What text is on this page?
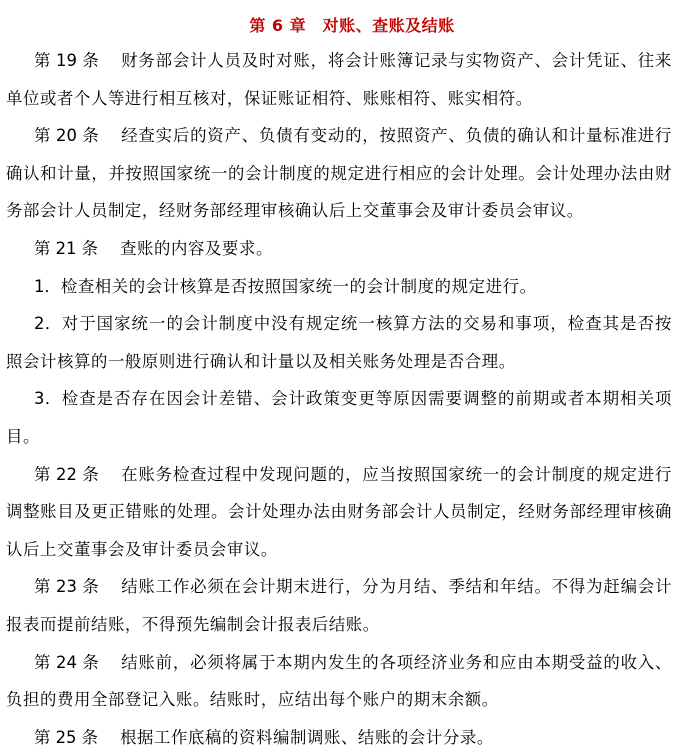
第 6 章　对账、查账及结账

第 19 条 财务部会计人员及时对账，将会计账簿记录与实物资产、会计凭证、往来单位或者个人等进行相互核对，保证账证相符、账账相符、账实相符。

第 20 条 经查实后的资产、负债有变动的，按照资产、负债的确认和计量标准进行确认和计量，并按照国家统一的会计制度的规定进行相应的会计处理。会计处理办法由财务部会计人员制定，经财务部经理审核确认后上交董事会及审计委员会审议。

第 21 条 查账的内容及要求。

1．检查相关的会计核算是否按照国家统一的会计制度的规定进行。

2．对于国家统一的会计制度中没有规定统一核算方法的交易和事项，检查其是否按照会计核算的一般原则进行确认和计量以及相关账务处理是否合理。

3．检查是否存在因会计差错、会计政策变更等原因需要调整的前期或者本期相关项目。

第 22 条 在账务检查过程中发现问题的，应当按照国家统一的会计制度的规定进行调整账目及更正错账的处理。会计处理办法由财务部会计人员制定，经财务部经理审核确认后上交董事会及审计委员会审议。

第 23 条 结账工作必须在会计期末进行，分为月结、季结和年结。不得为赶编会计报表而提前结账，不得预先编制会计报表后结账。

第 24 条 结账前，必须将属于本期内发生的各项经济业务和应由本期受益的收入、负担的费用全部登记入账。结账时，应结出每个账户的期末余额。

第 25 条 根据工作底稿的资料编制调账、结账的会计分录。
